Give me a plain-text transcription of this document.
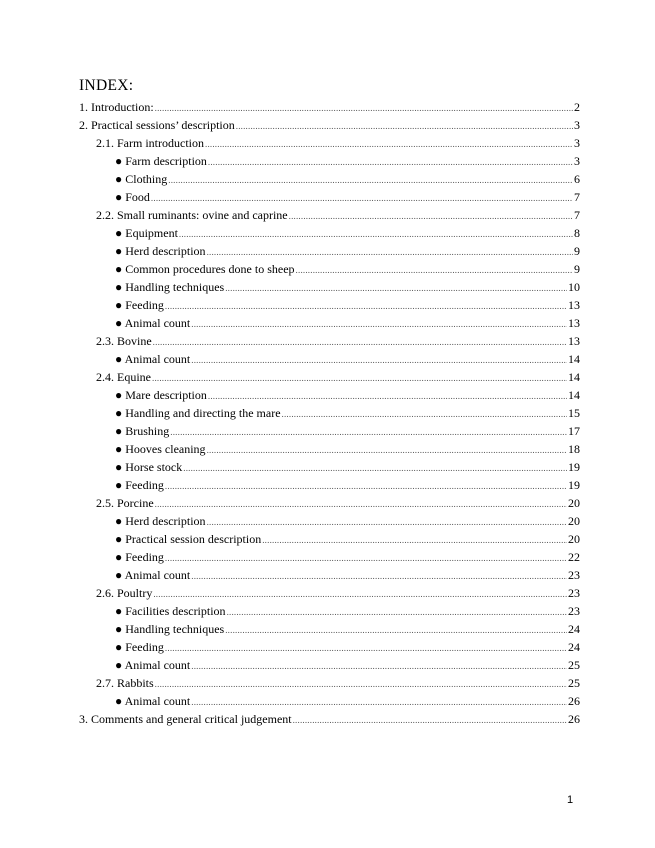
INDEX:
1. Introduction: .....	2
2. Practical sessions’ description .....	3
2.1. Farm introduction .....	3
● Farm description .....	3
● Clothing .....	6
● Food .....	7
2.2. Small ruminants: ovine and caprine .....	7
● Equipment .....	8
● Herd description .....	9
● Common procedures done to sheep .....	9
● Handling techniques .....	10
● Feeding .....	13
● Animal count .....	13
2.3. Bovine .....	13
● Animal count .....	14
2.4. Equine .....	14
● Mare description .....	14
● Handling and directing the mare .....	15
● Brushing .....	17
● Hooves cleaning .....	18
● Horse stock .....	19
● Feeding .....	19
2.5. Porcine .....	20
● Herd description .....	20
● Practical session description .....	20
● Feeding .....	22
● Animal count .....	23
2.6. Poultry .....	23
● Facilities description .....	23
● Handling techniques .....	24
● Feeding .....	24
● Animal count .....	25
2.7. Rabbits .....	25
● Animal count .....	26
3. Comments and general critical judgement .....	26
1
